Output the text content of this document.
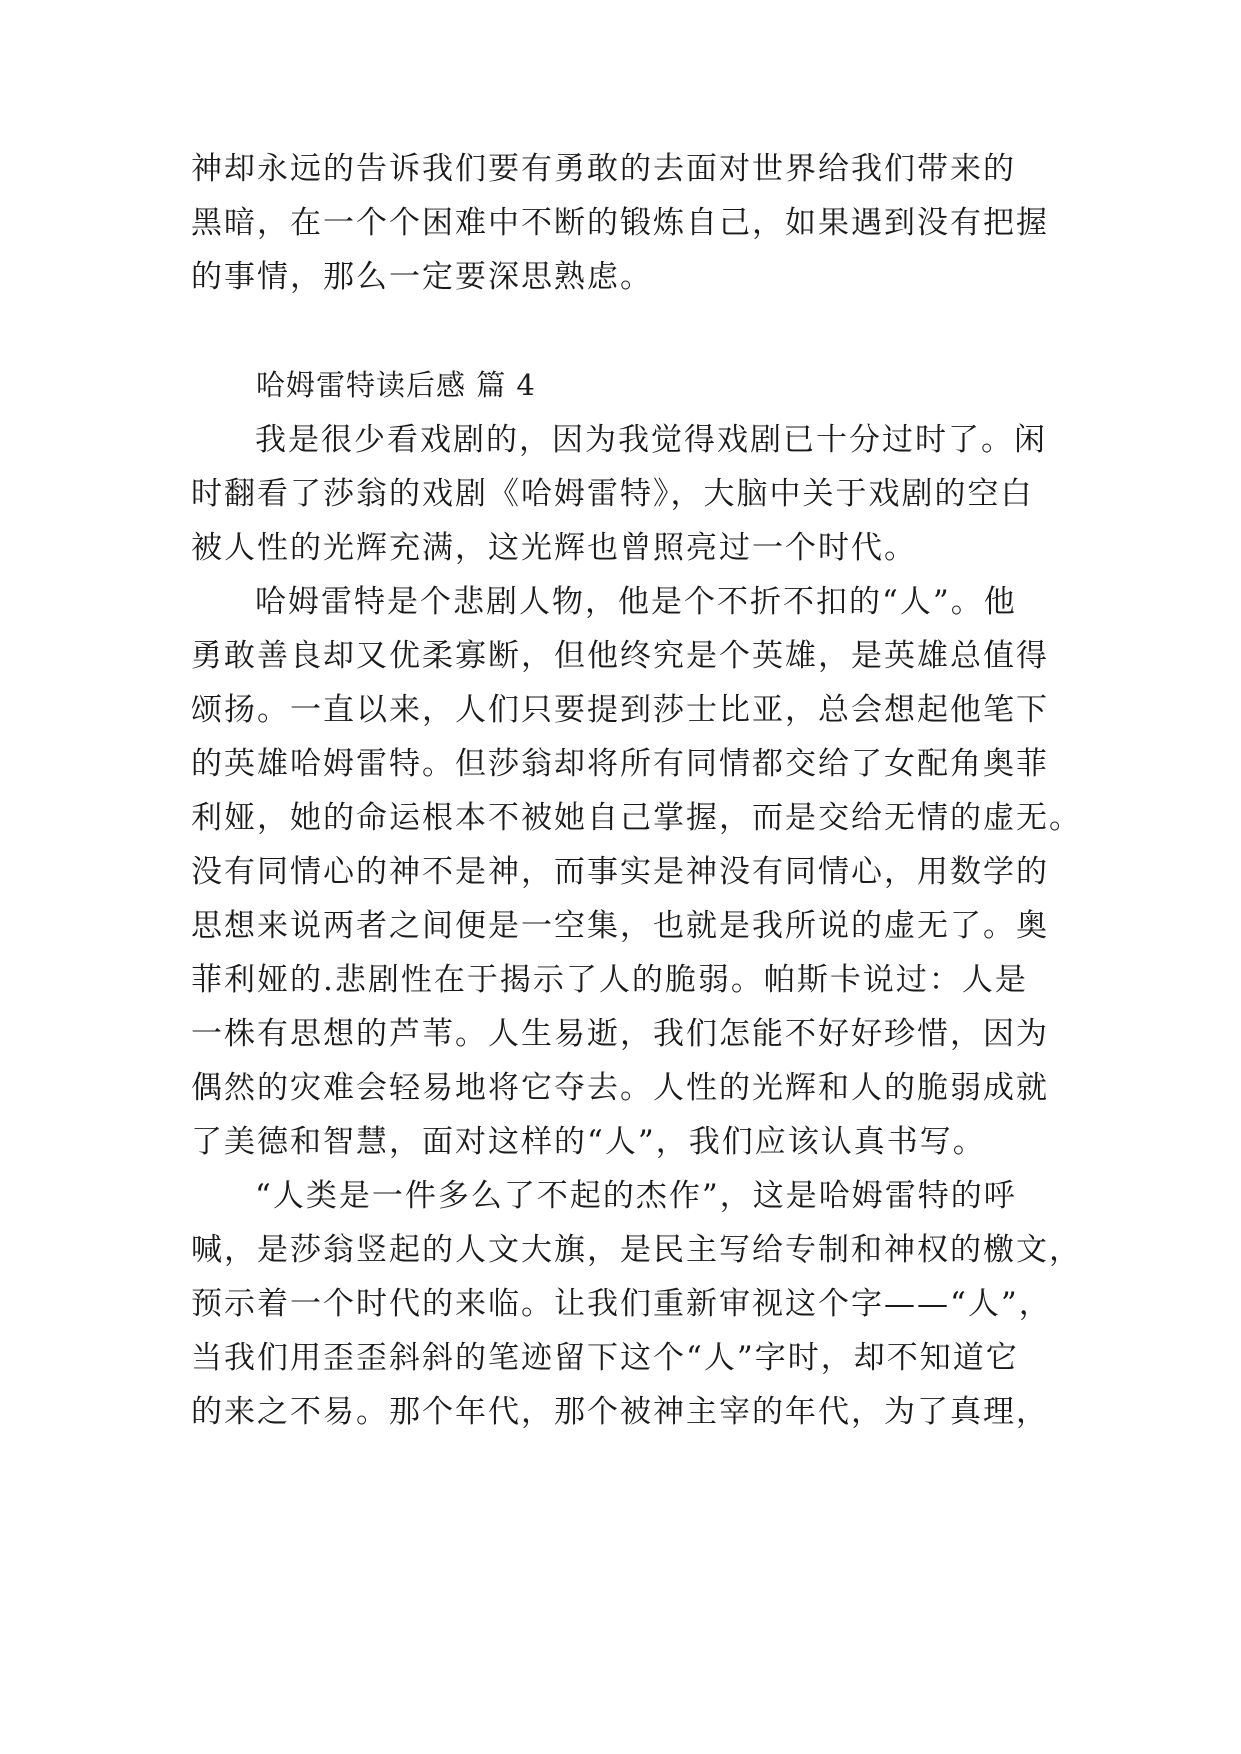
神却永远的告诉我们要有勇敢的去面对世界给我们带来的
黑暗，在一个个困难中不断的锻炼自己，如果遇到没有把握
的事情，那么一定要深思熟虑。
哈姆雷特读后感 篇 4
我是很少看戏剧的，因为我觉得戏剧已十分过时了。闲
时翻看了莎翁的戏剧《哈姆雷特》，大脑中关于戏剧的空白
被人性的光辉充满，这光辉也曾照亮过一个时代。
哈姆雷特是个悲剧人物，他是个不折不扣的“人”。他
勇敢善良却又优柔寡断，但他终究是个英雄，是英雄总值得
颂扬。一直以来，人们只要提到莎士比亚，总会想起他笔下
的英雄哈姆雷特。但莎翁却将所有同情都交给了女配角奥菲
利娅，她的命运根本不被她自己掌握，而是交给无情的虚无。
没有同情心的神不是神，而事实是神没有同情心，用数学的
思想来说两者之间便是一空集，也就是我所说的虚无了。奥
菲利娅的.悲剧性在于揭示了人的脆弱。帕斯卡说过：人是
一株有思想的芦苇。人生易逝，我们怎能不好好珍惜，因为
偶然的灾难会轻易地将它夺去。人性的光辉和人的脆弱成就
了美德和智慧，面对这样的“人”，我们应该认真书写。
“人类是一件多么了不起的杰作”，这是哈姆雷特的呼
喊，是莎翁竖起的人文大旗，是民主写给专制和神权的檄文，
预示着一个时代的来临。让我们重新审视这个字——“人”，
当我们用歪歪斜斜的笔迹留下这个“人”字时，却不知道它
的来之不易。那个年代，那个被神主宰的年代，为了真理，
